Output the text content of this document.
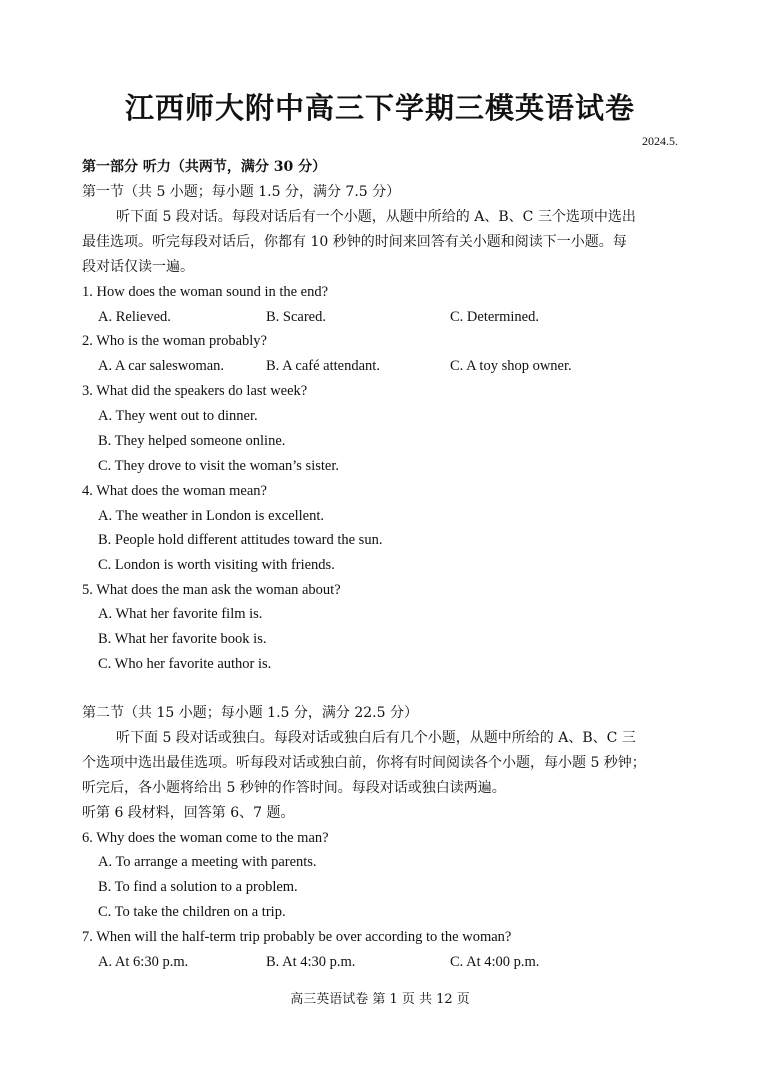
江西师大附中高三下学期三模英语试卷
2024.5.
第一部分 听力（共两节，满分 30 分）
第一节（共 5 小题；每小题 1.5 分，满分 7.5 分）
听下面 5 段对话。每段对话后有一个小题，从题中所给的 A、B、C 三个选项中选出
最佳选项。听完每段对话后，你都有 10 秒钟的时间来回答有关小题和阅读下一小题。每
段对话仅读一遍。
1. How does the woman sound in the end?
A. Relieved.	B. Scared.	C. Determined.
2. Who is the woman probably?
A. A car saleswoman.	B. A café attendant.	C. A toy shop owner.
3. What did the speakers do last week?
A. They went out to dinner.
B. They helped someone online.
C. They drove to visit the woman’s sister.
4. What does the woman mean?
A. The weather in London is excellent.
B. People hold different attitudes toward the sun.
C. London is worth visiting with friends.
5. What does the man ask the woman about?
A. What her favorite film is.
B. What her favorite book is.
C. Who her favorite author is.
第二节（共 15 小题；每小题 1.5 分，满分 22.5 分）
听下面 5 段对话或独白。每段对话或独白后有几个小题，从题中所给的 A、B、C 三
个选项中选出最佳选项。听每段对话或独白前，你将有时间阅读各个小题，每小题 5 秒钟；
听完后，各小题将给出 5 秒钟的作答时间。每段对话或独白读两遍。
听第 6 段材料，回答第 6、7 题。
6. Why does the woman come to the man?
A. To arrange a meeting with parents.
B. To find a solution to a problem.
C. To take the children on a trip.
7. When will the half-term trip probably be over according to the woman?
A. At 6:30 p.m.	B. At 4:30 p.m.	C. At 4:00 p.m.
高三英语试卷 第 1 页 共 12 页
